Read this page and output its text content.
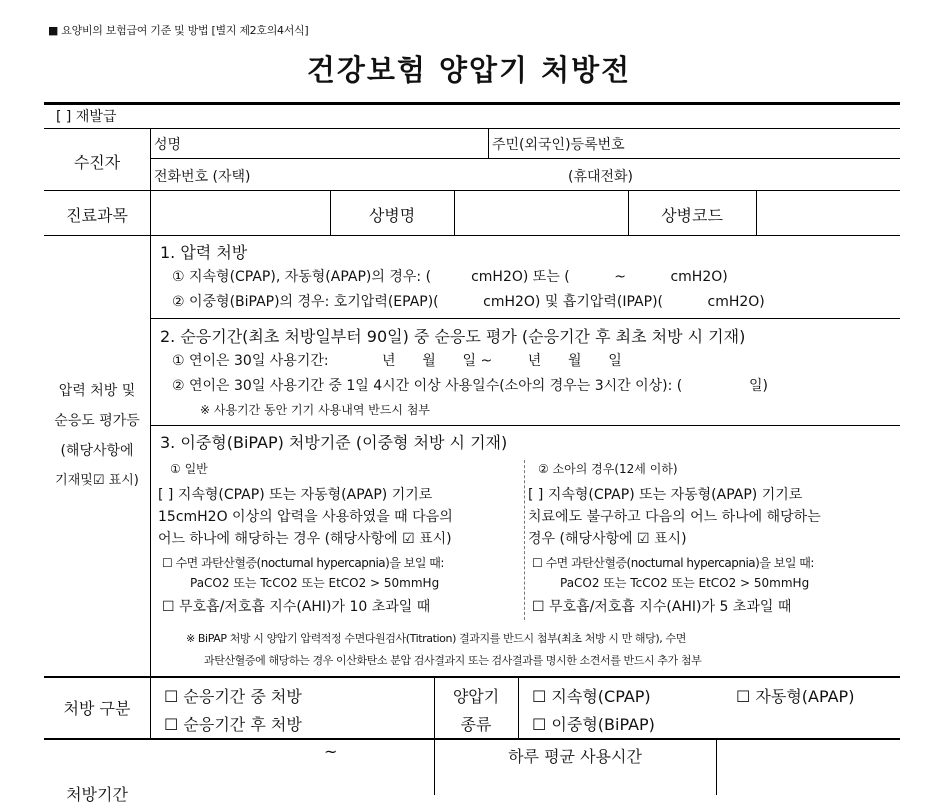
■ 요양비의 보험급여 기준 및 방법 [별지 제2호의4서식]
건강보험 양압기 처방전
[ ] 재발급
수진자
성명	주민(외국인)등록번호
전화번호 (자택)	(휴대전화)
진료과목	상병명	상병코드
압력 처방 및
순응도 평가등
(해당사항에
기재및☑ 표시)
1. 압력 처방
① 지속형(CPAP), 자동형(APAP)의 경우: (         cmH2O) 또는 (          ~          cmH2O)
② 이중형(BiPAP)의 경우: 호기압력(EPAP)(          cmH2O) 및 흡기압력(IPAP)(          cmH2O)
2. 순응기간(최초 처방일부터 90일) 중 순응도 평가 (순응기간 후 최초 처방 시 기재)
① 연이은 30일 사용기간:            년      월      일 ~        년      월      일
② 연이은 30일 사용기간 중 1일 4시간 이상 사용일수(소아의 경우는 3시간 이상): (               일)
※ 사용기간 동안 기기 사용내역 반드시 첨부
3. 이중형(BiPAP) 처방기준 (이중형 처방 시 기재)
① 일반
[ ] 지속형(CPAP) 또는 자동형(APAP) 기기로
15cmH2O 이상의 압력을 사용하였을 때 다음의
어느 하나에 해당하는 경우 (해당사항에 ☑ 표시)
☐ 수면 과탄산혈증(nocturnal hypercapnia)을 보일 때:
PaCO2 또는 TcCO2 또는 EtCO2 > 50mmHg
☐ 무호흡/저호흡 지수(AHI)가 10 초과일 때
② 소아의 경우(12세 이하)
[ ] 지속형(CPAP) 또는 자동형(APAP) 기기로
치료에도 불구하고 다음의 어느 하나에 해당하는
경우 (해당사항에 ☑ 표시)
☐ 수면 과탄산혈증(nocturnal hypercapnia)을 보일 때:
PaCO2 또는 TcCO2 또는 EtCO2 > 50mmHg
☐ 무호흡/저호흡 지수(AHI)가 5 초과일 때
※ BiPAP 처방 시 양압기 압력적정 수면다원검사(Titration) 결과지를 반드시 첨부(최초 처방 시 만 해당), 수면
과탄산혈증에 해당하는 경우 이산화탄소 분압 검사결과지 또는 검사결과를 명시한 소견서를 반드시 추가 첨부
처방 구분
☐ 순응기간 중 처방
☐ 순응기간 후 처방
양압기
종류
☐ 지속형(CPAP)	☐ 자동형(APAP)
☐ 이중형(BiPAP)
처방기간
~	하루 평균 사용시간
